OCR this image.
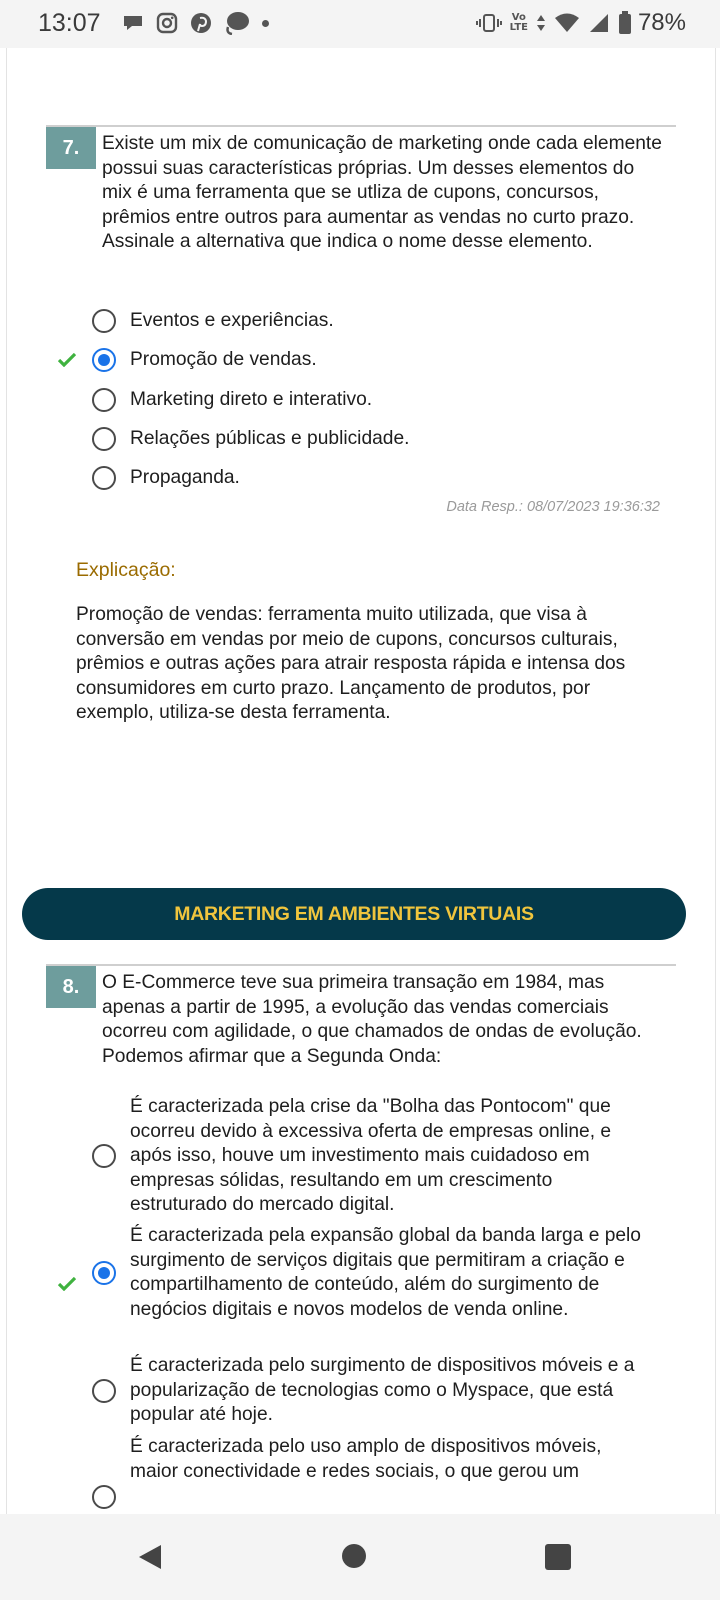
13:07	Vo
LTE	78%
7.	Existe um mix de comunicação de marketing onde cada elemente possui suas características próprias. Um desses elementos do mix é uma ferramenta que se utliza de cupons, concursos, prêmios entre outros para aumentar as vendas no curto prazo. Assinale a alternativa que indica o nome desse elemento.
Eventos e experiências.
Promoção de vendas.
Marketing direto e interativo.
Relações públicas e publicidade.
Propaganda.
Data Resp.: 08/07/2023 19:36:32
Explicação:
Promoção de vendas: ferramenta muito utilizada, que visa à conversão em vendas por meio de cupons, concursos culturais, prêmios e outras ações para atrair resposta rápida e intensa dos consumidores em curto prazo. Lançamento de produtos, por exemplo, utiliza-se desta ferramenta.
MARKETING EM AMBIENTES VIRTUAIS
8.	O E-Commerce teve sua primeira transação em 1984, mas apenas a partir de 1995, a evolução das vendas comerciais ocorreu com agilidade, o que chamados de ondas de evolução. Podemos afirmar que a Segunda Onda:
É caracterizada pela crise da "Bolha das Pontocom" que ocorreu devido à excessiva oferta de empresas online, e após isso, houve um investimento mais cuidadoso em empresas sólidas, resultando em um crescimento estruturado do mercado digital.
É caracterizada pela expansão global da banda larga e pelo surgimento de serviços digitais que permitiram a criação e compartilhamento de conteúdo, além do surgimento de negócios digitais e novos modelos de venda online.
É caracterizada pelo surgimento de dispositivos móveis e a popularização de tecnologias como o Myspace, que está popular até hoje.
É caracterizada pelo uso amplo de dispositivos móveis, maior conectividade e redes sociais, o que gerou um
